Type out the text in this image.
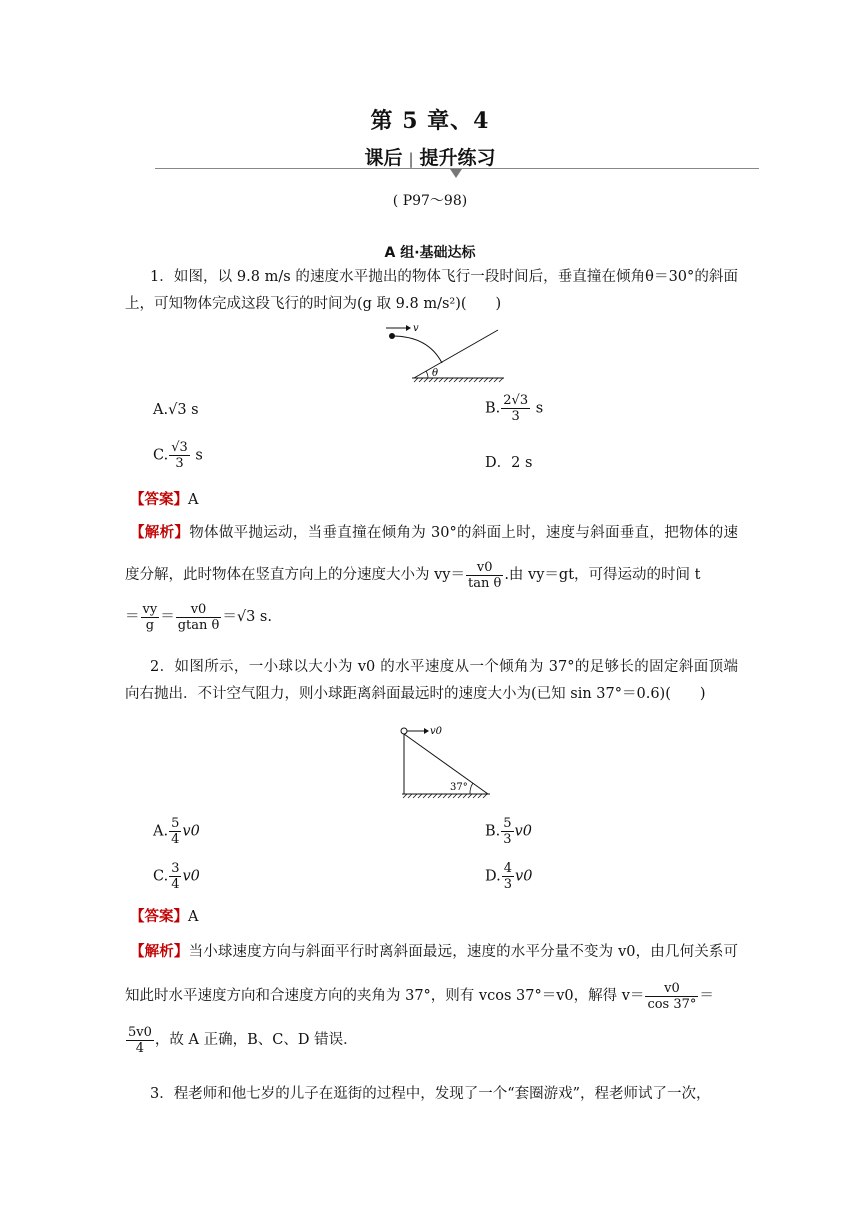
第 5 章、4
课后 | 提升练习
( P97～98)
A 组·基础达标
1．如图，以 9.8 m/s 的速度水平抛出的物体飞行一段时间后，垂直撞在倾角θ＝30°的斜面上，可知物体完成这段飞行的时间为(g 取 9.8 m/s²)(　　)
v
θ
A.√3 s	B. $\frac{2√3}{3}$ s
C. $\frac{√3}{3}$ s	D．2 s
【答案】A
【解析】物体做平抛运动，当垂直撞在倾角为 30°的斜面上时，速度与斜面垂直，把物体的速度分解，此时物体在竖直方向上的分速度大小为 $vy= \frac{v0}{\text{tan θ}}$ .由 vy＝gt，可得运动的时间 t
＝ $\frac{vy}{g} = \frac{v0}{\text{gtan θ}} =√3$ s.
2．如图所示，一小球以大小为 v0 的水平速度从一个倾角为 37°的足够长的固定斜面顶端向右抛出．不计空气阻力，则小球距离斜面最远时的速度大小为(已知 sin 37°＝0.6)(　　)
v0
37°
A. $\frac{5}{4} v0$	B. $\frac{5}{3} v0$
C. $\frac{3}{4} v0$	D. $\frac{4}{3} v0$
【答案】A
【解析】当小球速度方向与斜面平行时离斜面最远，速度的水平分量不变为 v0，由几何关系可知此时水平速度方向和合速度方向的夹角为 37°，则有 vcos 37°＝v0，解得 $v= \frac{v0}{\cos 37^\circ}$ ＝

$\frac{5v0}{4}$ ，故 A 正确，B、C、D 错误．
3．程老师和他七岁的儿子在逛街的过程中，发现了一个“套圈游戏”，程老师试了一次，
